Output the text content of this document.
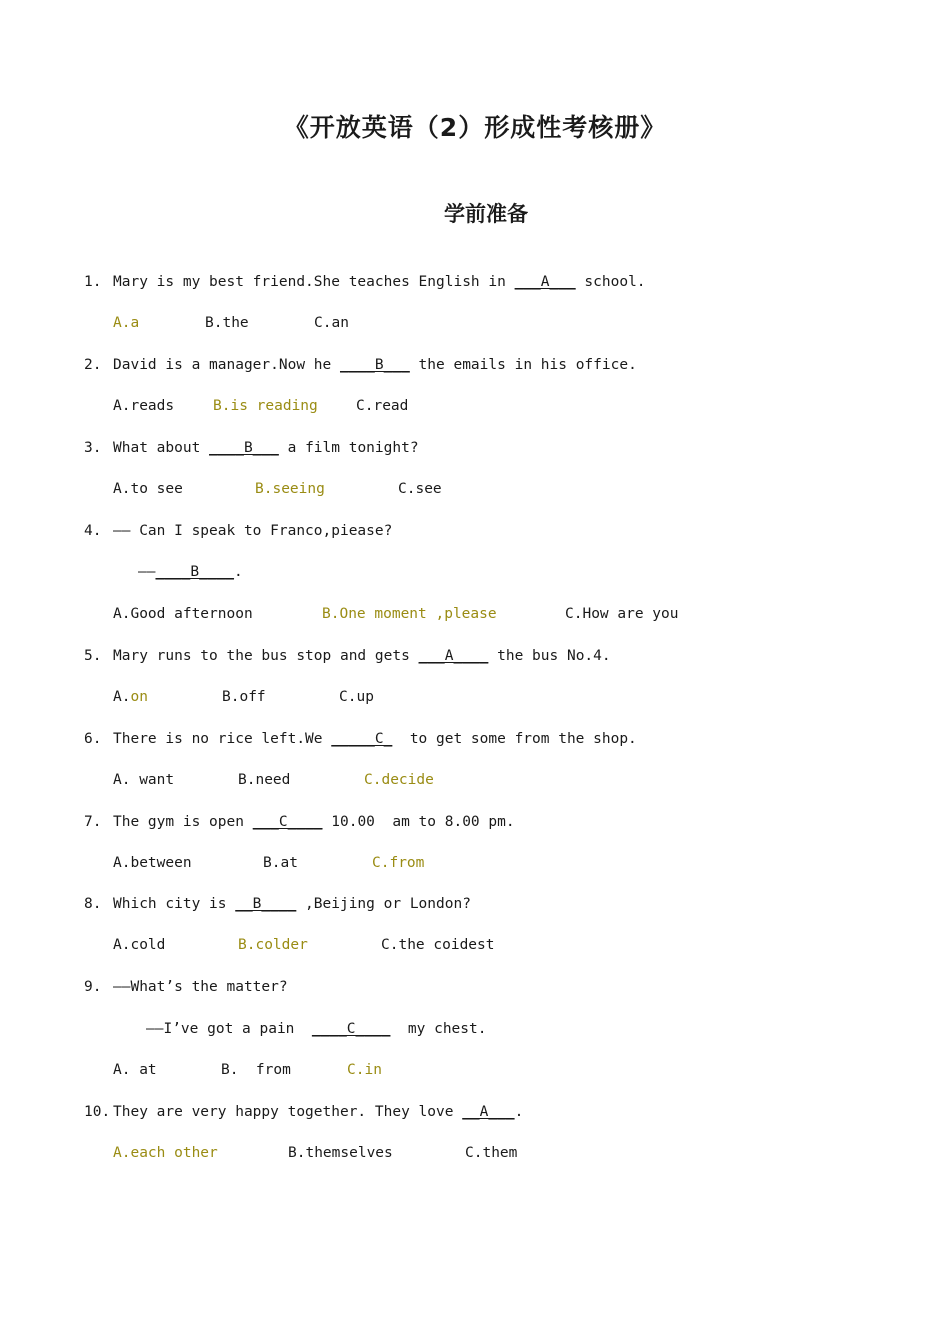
《开放英语（2）形成性考核册》
学前准备
1. Mary is my best friend.She teaches English in ___A___ school.
A.a	B.the	C.an
2. David is a manager.Now he ____B___ the emails in his office.
A.reads	B.is reading	C.read
3. What about ____B___ a film tonight?
A.to see	B.seeing	C.see
4. —— Can I speak to Franco,piease?
——____B____.
A.Good afternoon	B.One moment ,please	C.How are you
5. Mary runs to the bus stop and gets ___A____ the bus No.4.
A.on	B.off	C.up
6. There is no rice left.We _____C_  to get some from the shop.
A. want	B.need	C.decide
7. The gym is open ___C____ 10.00  am to 8.00 pm.
A.between	B.at	C.from
8. Which city is __B____ ,Beijing or London?
A.cold	B.colder	C.the coidest
9. ——What’s the matter?
——I’ve got a pain  ____C____  my chest.
A. at	B.  from	C.in
10. They are very happy together. They love __A___.
A.each other	B.themselves	C.them
